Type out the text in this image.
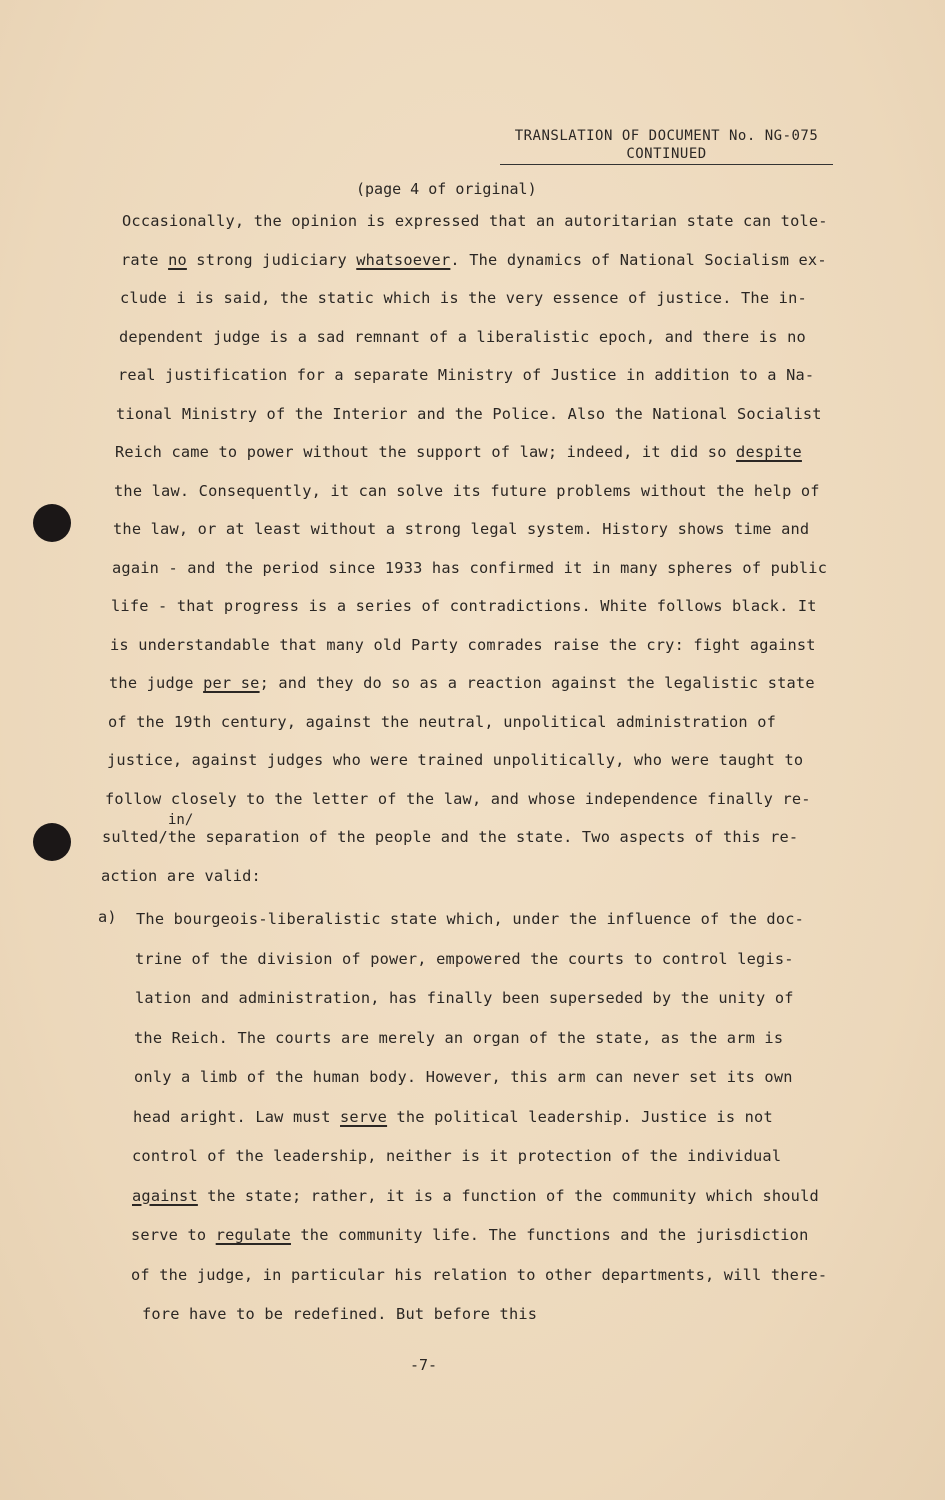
TRANSLATION OF DOCUMENT No. NG-075
CONTINUED
(page 4 of original)
Occasionally, the opinion is expressed that an autoritarian state can tole-
rate no strong judiciary whatsoever. The dynamics of National Socialism ex-
clude i is said, the static which is the very essence of justice. The in-
dependent judge is a sad remnant of a liberalistic epoch, and there is no
real justification for a separate Ministry of Justice in addition to a Na-
tional Ministry of the Interior and the Police. Also the National Socialist
Reich came to power without the support of law; indeed, it did so despite
the law. Consequently, it can solve its future problems without the help of
the law, or at least without a strong legal system. History shows time and
again - and the period since 1933 has confirmed it in many spheres of public
life - that progress is a series of contradictions. White follows black. It
is understandable that many old Party comrades raise the cry: fight against
the judge per se; and they do so as a reaction against the legalistic state
of the 19th century, against the neutral, unpolitical administration of
justice, against judges who were trained unpolitically, who were taught to
follow closely to the letter of the law, and whose independence finally re-
sulted/the separation of the people and the state. Two aspects of this re-
action are valid:
in/
a) The bourgeois-liberalistic state which, under the influence of the doc-
trine of the division of power, empowered the courts to control legis-
lation and administration, has finally been superseded by the unity of
the Reich. The courts are merely an organ of the state, as the arm is
only a limb of the human body. However, this arm can never set its own
head aright. Law must serve the political leadership. Justice is not
control of the leadership, neither is it protection of the individual
against the state; rather, it is a function of the community which should
serve to regulate the community life. The functions and the jurisdiction
of the judge, in particular his relation to other departments, will there-
fore have to be redefined. But before this
-7-
